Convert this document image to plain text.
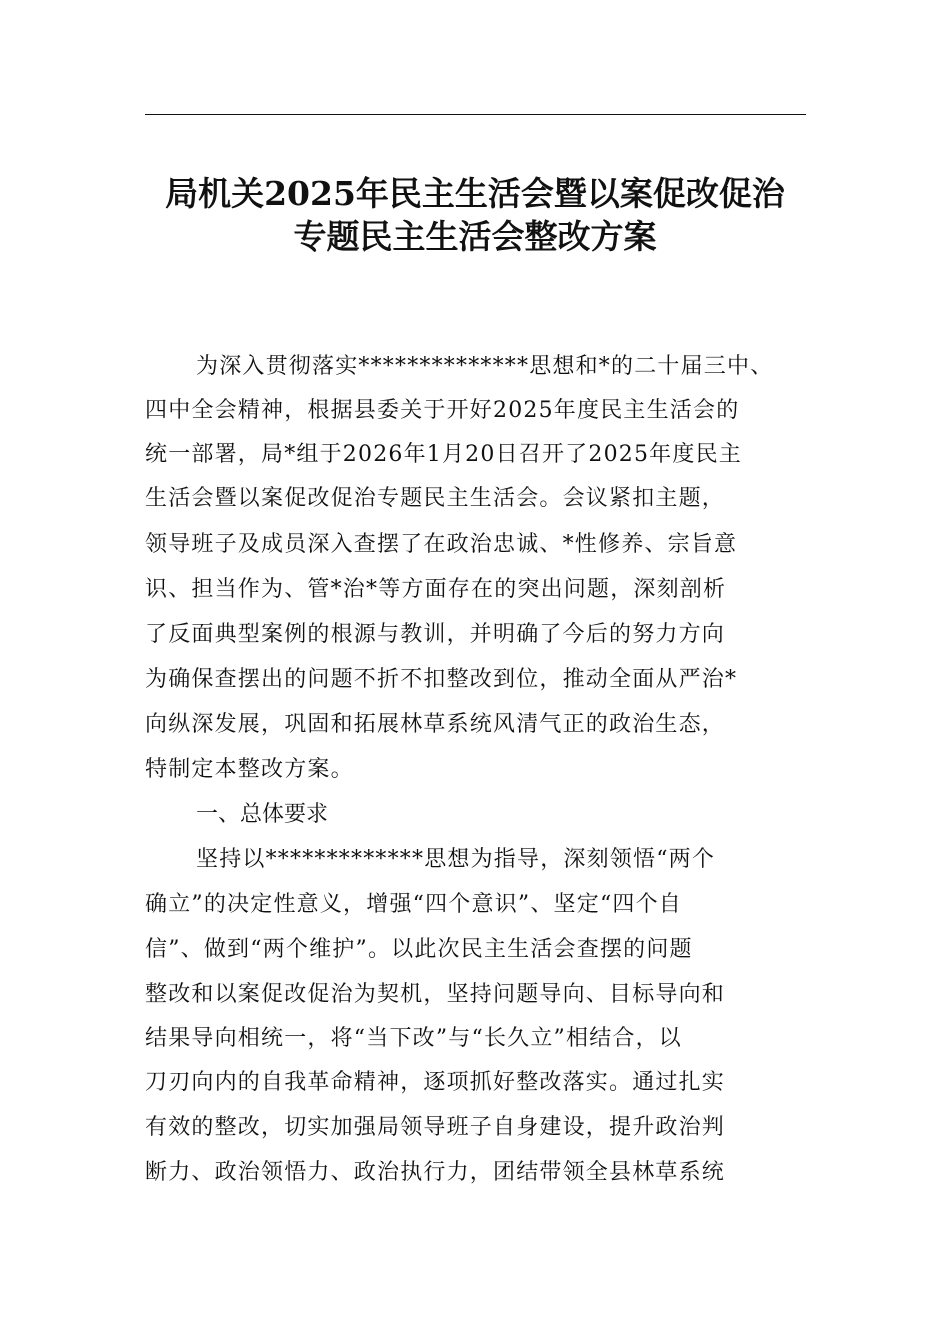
局机关2025年民主生活会暨以案促改促治
专题民主生活会整改方案
为深入贯彻落实**************思想和*的二十届三中、
四中全会精神，根据县委关于开好2025年度民主生活会的
统一部署，局*组于2026年1月20日召开了2025年度民主
生活会暨以案促改促治专题民主生活会。会议紧扣主题，
领导班子及成员深入查摆了在政治忠诚、*性修养、宗旨意
识、担当作为、管*治*等方面存在的突出问题，深刻剖析
了反面典型案例的根源与教训，并明确了今后的努力方向
为确保查摆出的问题不折不扣整改到位，推动全面从严治*
向纵深发展，巩固和拓展林草系统风清气正的政治生态，
特制定本整改方案。
一、总体要求
坚持以*************思想为指导，深刻领悟“两个
确立”的决定性意义，增强“四个意识”、坚定“四个自
信”、做到“两个维护”。以此次民主生活会查摆的问题
整改和以案促改促治为契机，坚持问题导向、目标导向和
结果导向相统一，将“当下改”与“长久立”相结合，以
刀刃向内的自我革命精神，逐项抓好整改落实。通过扎实
有效的整改，切实加强局领导班子自身建设，提升政治判
断力、政治领悟力、政治执行力，团结带领全县林草系统
